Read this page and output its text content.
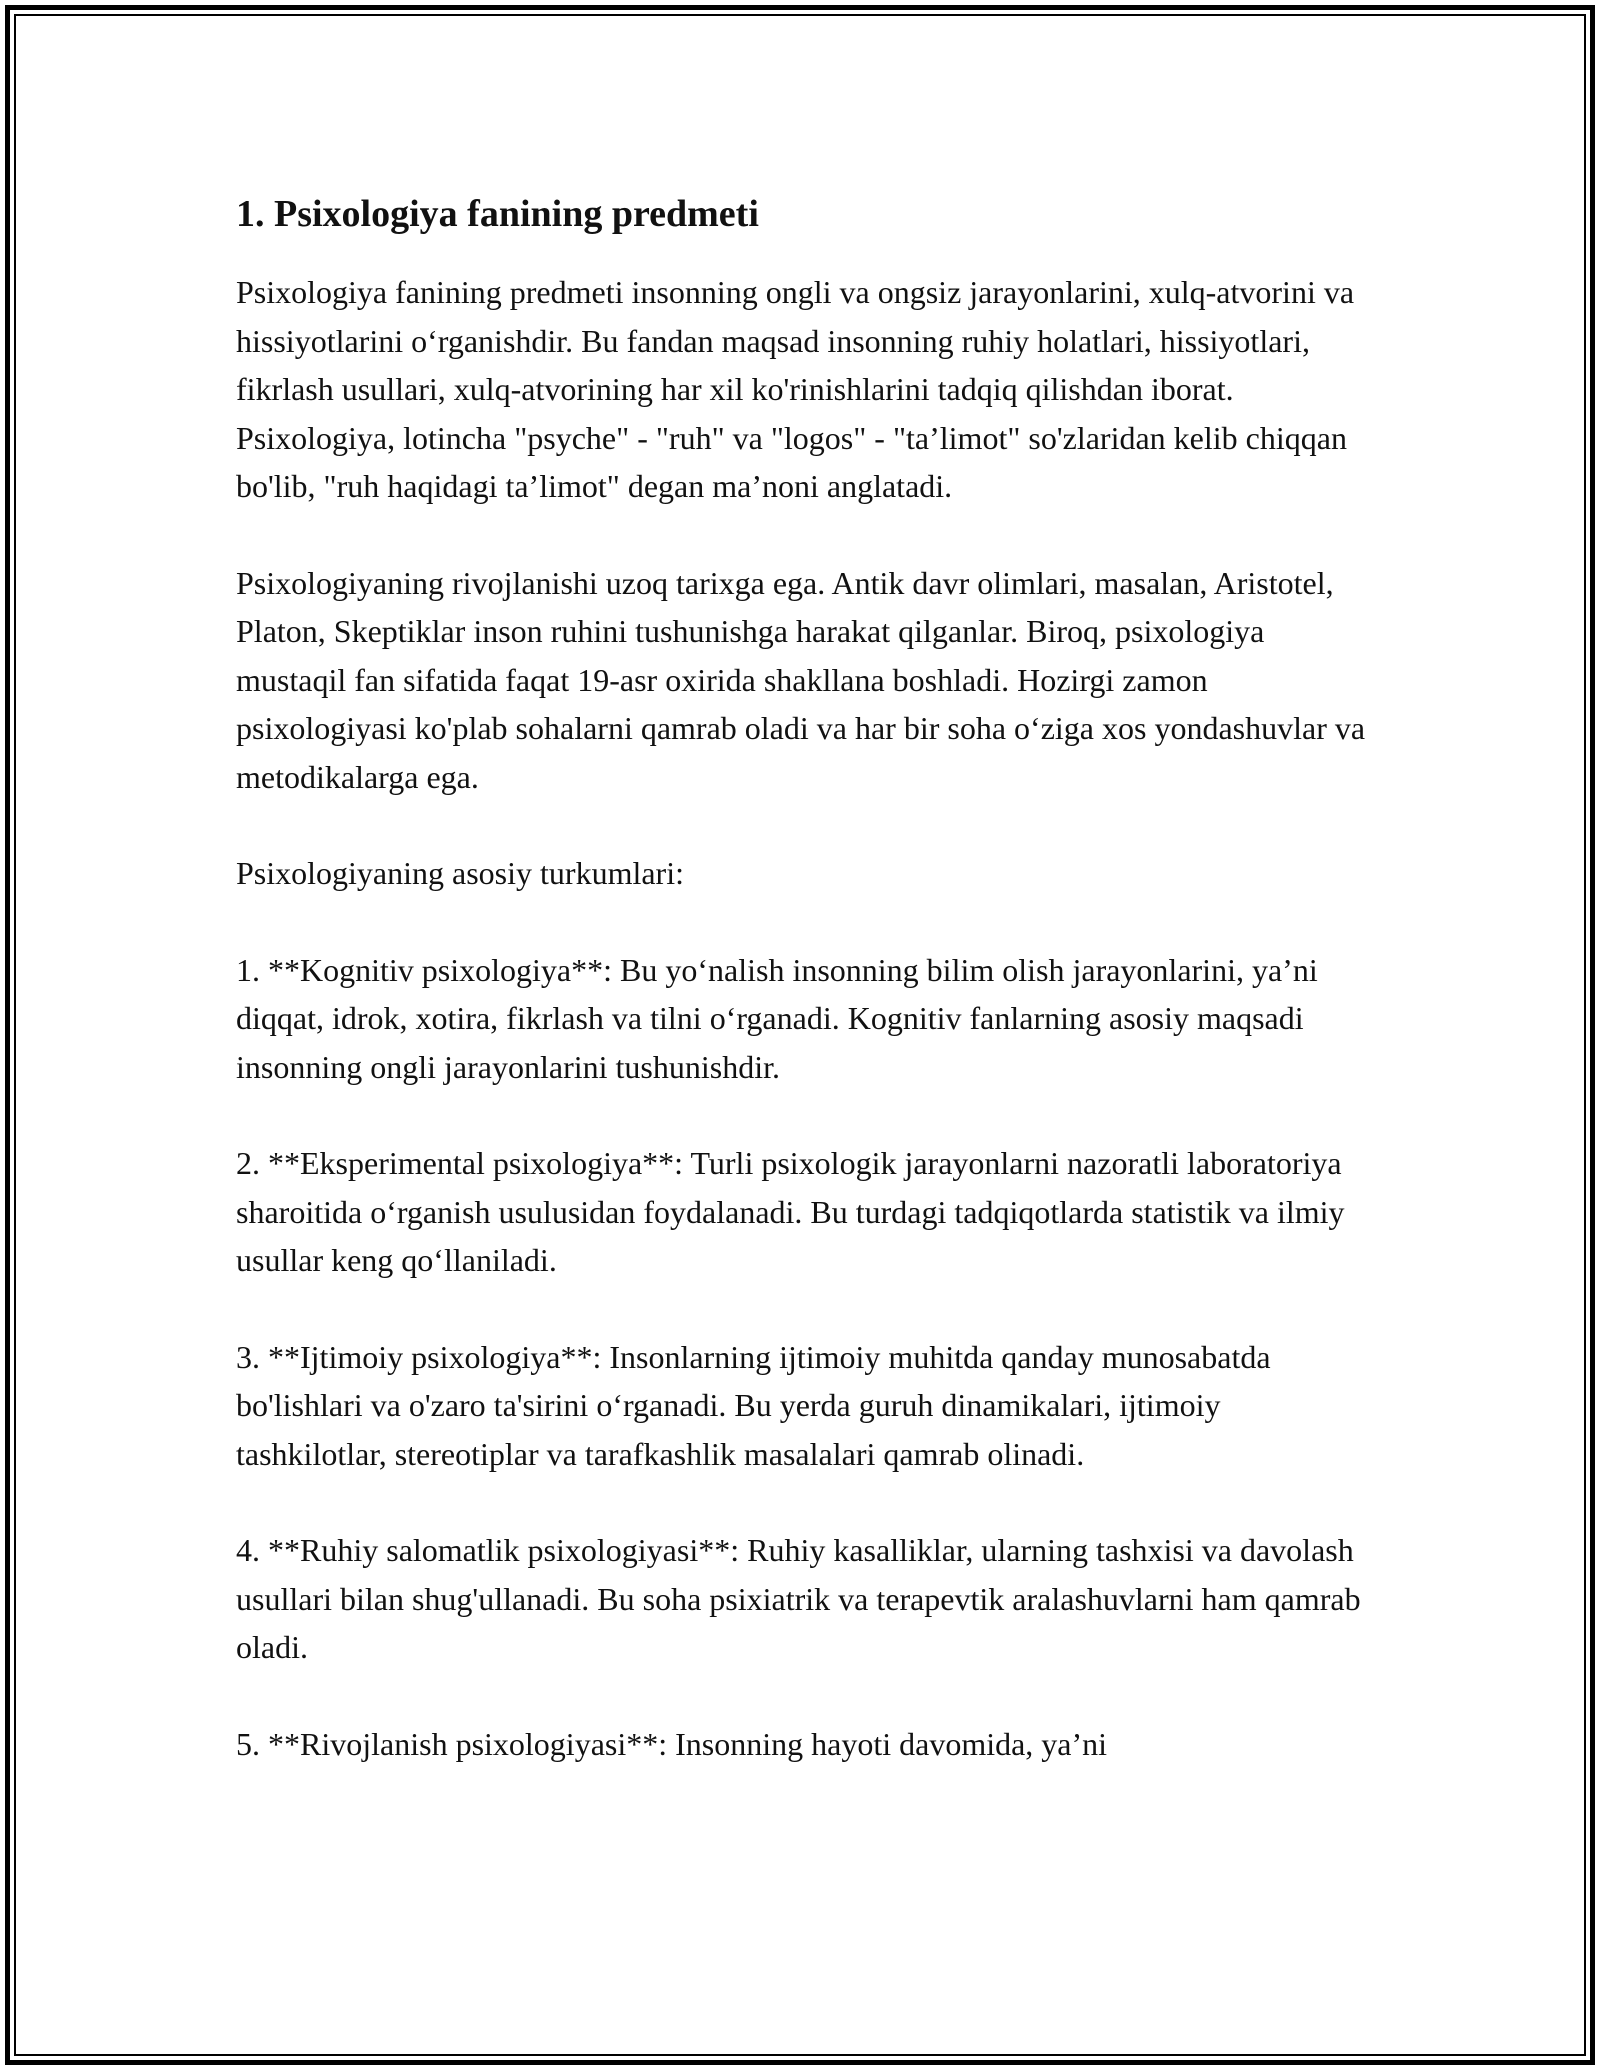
1. Psixologiya fanining predmeti

Psixologiya fanining predmeti insonning ongli va ongsiz jarayonlarini, xulq-atvorini va hissiyotlarini o‘rganishdir. Bu fandan maqsad insonning ruhiy holatlari, hissiyotlari, fikrlash usullari, xulq-atvorining har xil ko'rinishlarini tadqiq qilishdan iborat. Psixologiya, lotincha "psyche" - "ruh" va "logos" - "ta’limot" so'zlaridan kelib chiqqan bo'lib, "ruh haqidagi ta’limot" degan ma’noni anglatadi.

Psixologiyaning rivojlanishi uzoq tarixga ega. Antik davr olimlari, masalan, Aristotel, Platon, Skeptiklar inson ruhini tushunishga harakat qilganlar. Biroq, psixologiya mustaqil fan sifatida faqat 19-asr oxirida shakllana boshladi. Hozirgi zamon psixologiyasi ko'plab sohalarni qamrab oladi va har bir soha o‘ziga xos yondashuvlar va metodikalarga ega.

Psixologiyaning asosiy turkumlari:

1. **Kognitiv psixologiya**: Bu yo‘nalish insonning bilim olish jarayonlarini, ya’ni diqqat, idrok, xotira, fikrlash va tilni o‘rganadi. Kognitiv fanlarning asosiy maqsadi insonning ongli jarayonlarini tushunishdir.

2. **Eksperimental psixologiya**: Turli psixologik jarayonlarni nazoratli laboratoriya sharoitida o‘rganish usulusidan foydalanadi. Bu turdagi tadqiqotlarda statistik va ilmiy usullar keng qo‘llaniladi.

3. **Ijtimoiy psixologiya**: Insonlarning ijtimoiy muhitda qanday munosabatda bo'lishlari va o'zaro ta'sirini o‘rganadi. Bu yerda guruh dinamikalari, ijtimoiy tashkilotlar, stereotiplar va tarafkashlik masalalari qamrab olinadi.

4. **Ruhiy salomatlik psixologiyasi**: Ruhiy kasalliklar, ularning tashxisi va davolash usullari bilan shug'ullanadi. Bu soha psixiatrik va terapevtik aralashuvlarni ham qamrab oladi.

5. **Rivojlanish psixologiyasi**: Insonning hayoti davomida, ya’ni
